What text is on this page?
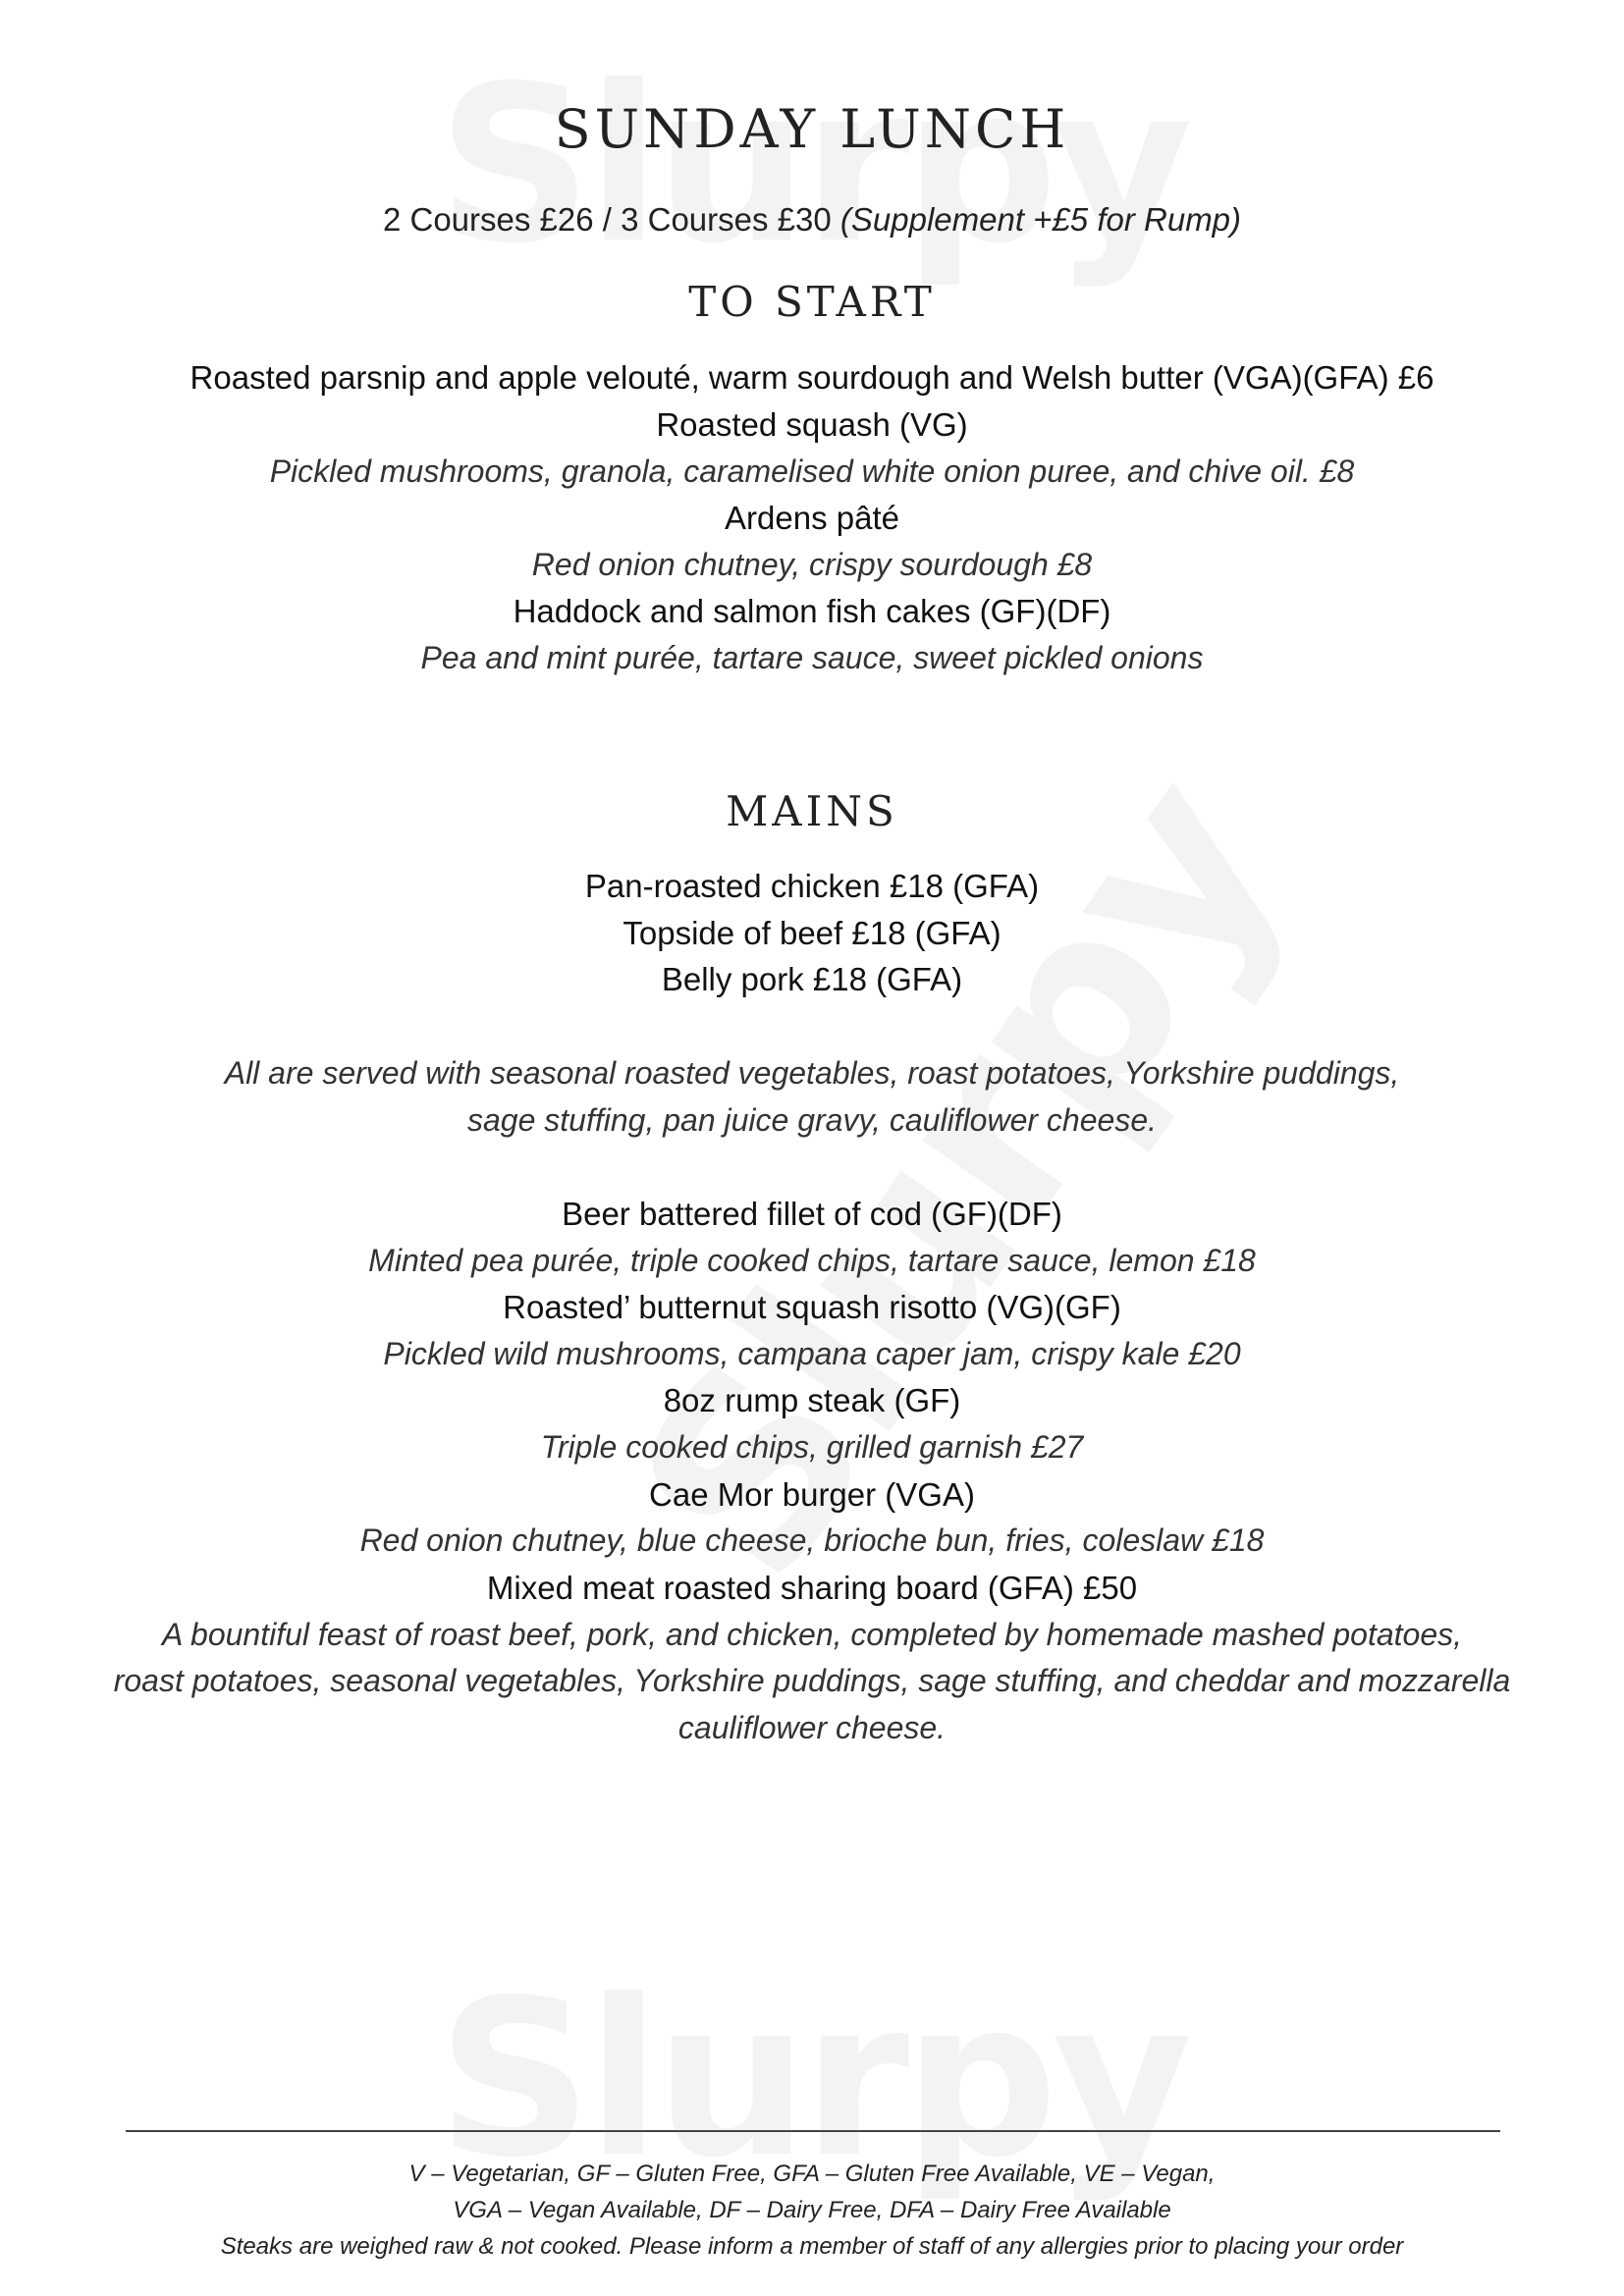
SUNDAY LUNCH
2 Courses £26 / 3 Courses £30 (Supplement +£5 for Rump)
TO START
Roasted parsnip and apple velouté, warm sourdough and Welsh butter (VGA)(GFA) £6
Roasted squash (VG)
Pickled mushrooms, granola, caramelised white onion puree, and chive oil. £8
Ardens pâté
Red onion chutney, crispy sourdough £8
Haddock and salmon fish cakes (GF)(DF)
Pea and mint purée, tartare sauce, sweet pickled onions
MAINS
Pan-roasted chicken £18 (GFA)
Topside of beef £18 (GFA)
Belly pork £18 (GFA)
All are served with seasonal roasted vegetables, roast potatoes, Yorkshire puddings,
sage stuffing, pan juice gravy, cauliflower cheese.
Beer battered fillet of cod (GF)(DF)
Minted pea purée, triple cooked chips, tartare sauce, lemon £18
Roasted’ butternut squash risotto (VG)(GF)
Pickled wild mushrooms, campana caper jam, crispy kale £20
8oz rump steak (GF)
Triple cooked chips, grilled garnish £27
Cae Mor burger (VGA)
Red onion chutney, blue cheese, brioche bun, fries, coleslaw £18
Mixed meat roasted sharing board (GFA) £50
A bountiful feast of roast beef, pork, and chicken, completed by homemade mashed potatoes,
roast potatoes, seasonal vegetables, Yorkshire puddings, sage stuffing, and cheddar and mozzarella
cauliflower cheese.
V – Vegetarian, GF – Gluten Free, GFA – Gluten Free Available, VE – Vegan,
VGA – Vegan Available, DF – Dairy Free, DFA – Dairy Free Available
Steaks are weighed raw & not cooked. Please inform a member of staff of any allergies prior to placing your order
